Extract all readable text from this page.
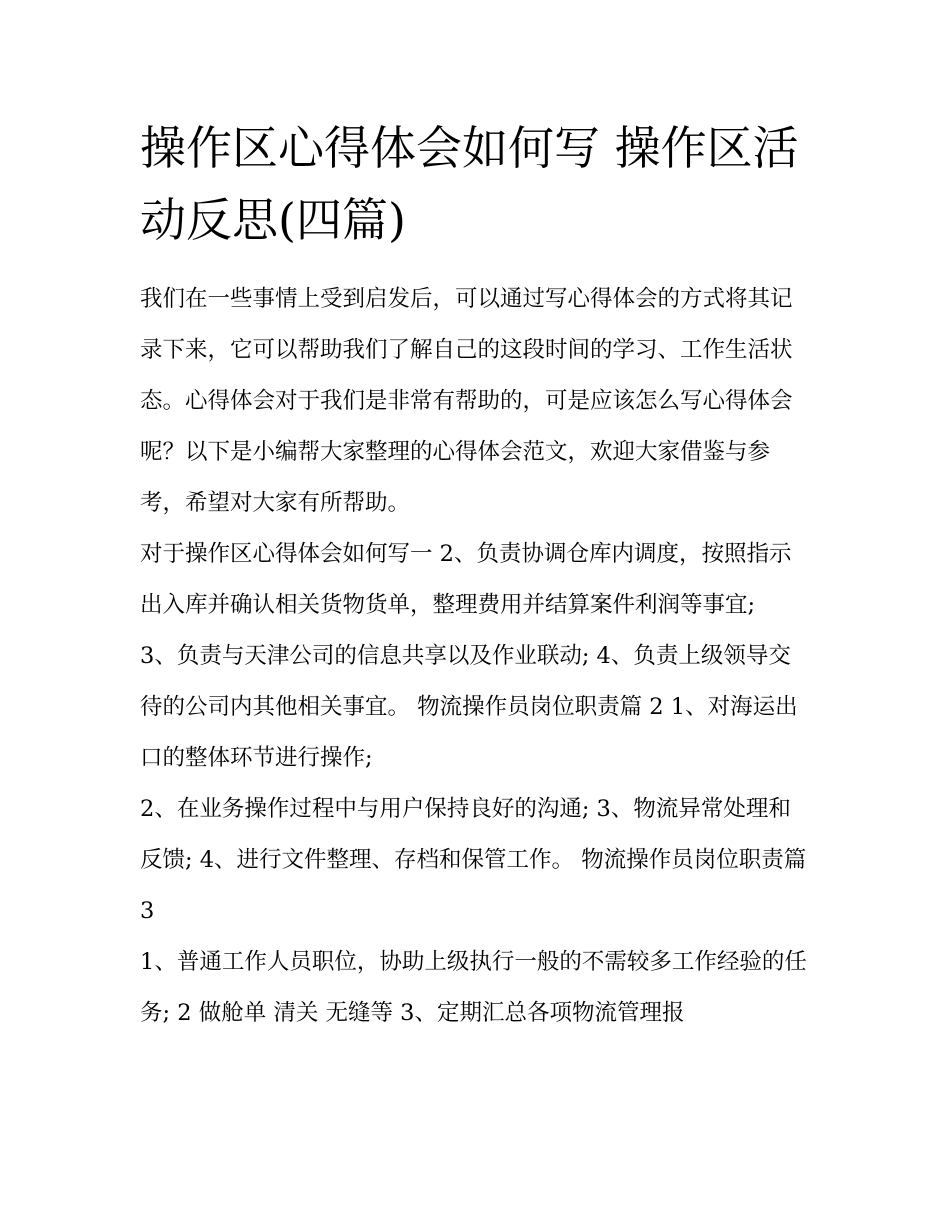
操作区心得体会如何写 操作区活动反思(四篇)

我们在一些事情上受到启发后，可以通过写心得体会的方式将其记录下来，它可以帮助我们了解自己的这段时间的学习、工作生活状态。心得体会对于我们是非常有帮助的，可是应该怎么写心得体会呢？以下是小编帮大家整理的心得体会范文，欢迎大家借鉴与参考，希望对大家有所帮助。

对于操作区心得体会如何写一 2、负责协调仓库内调度，按照指示出入库并确认相关货物货单，整理费用并结算案件利润等事宜;

3、负责与天津公司的信息共享以及作业联动; 4、负责上级领导交待的公司内其他相关事宜。 物流操作员岗位职责篇 2 1、对海运出口的整体环节进行操作;

2、在业务操作过程中与用户保持良好的沟通; 3、物流异常处理和反馈; 4、进行文件整理、存档和保管工作。 物流操作员岗位职责篇 3

1、普通工作人员职位，协助上级执行一般的不需较多工作经验的任务; 2 做舱单 清关 无缝等 3、定期汇总各项物流管理报
